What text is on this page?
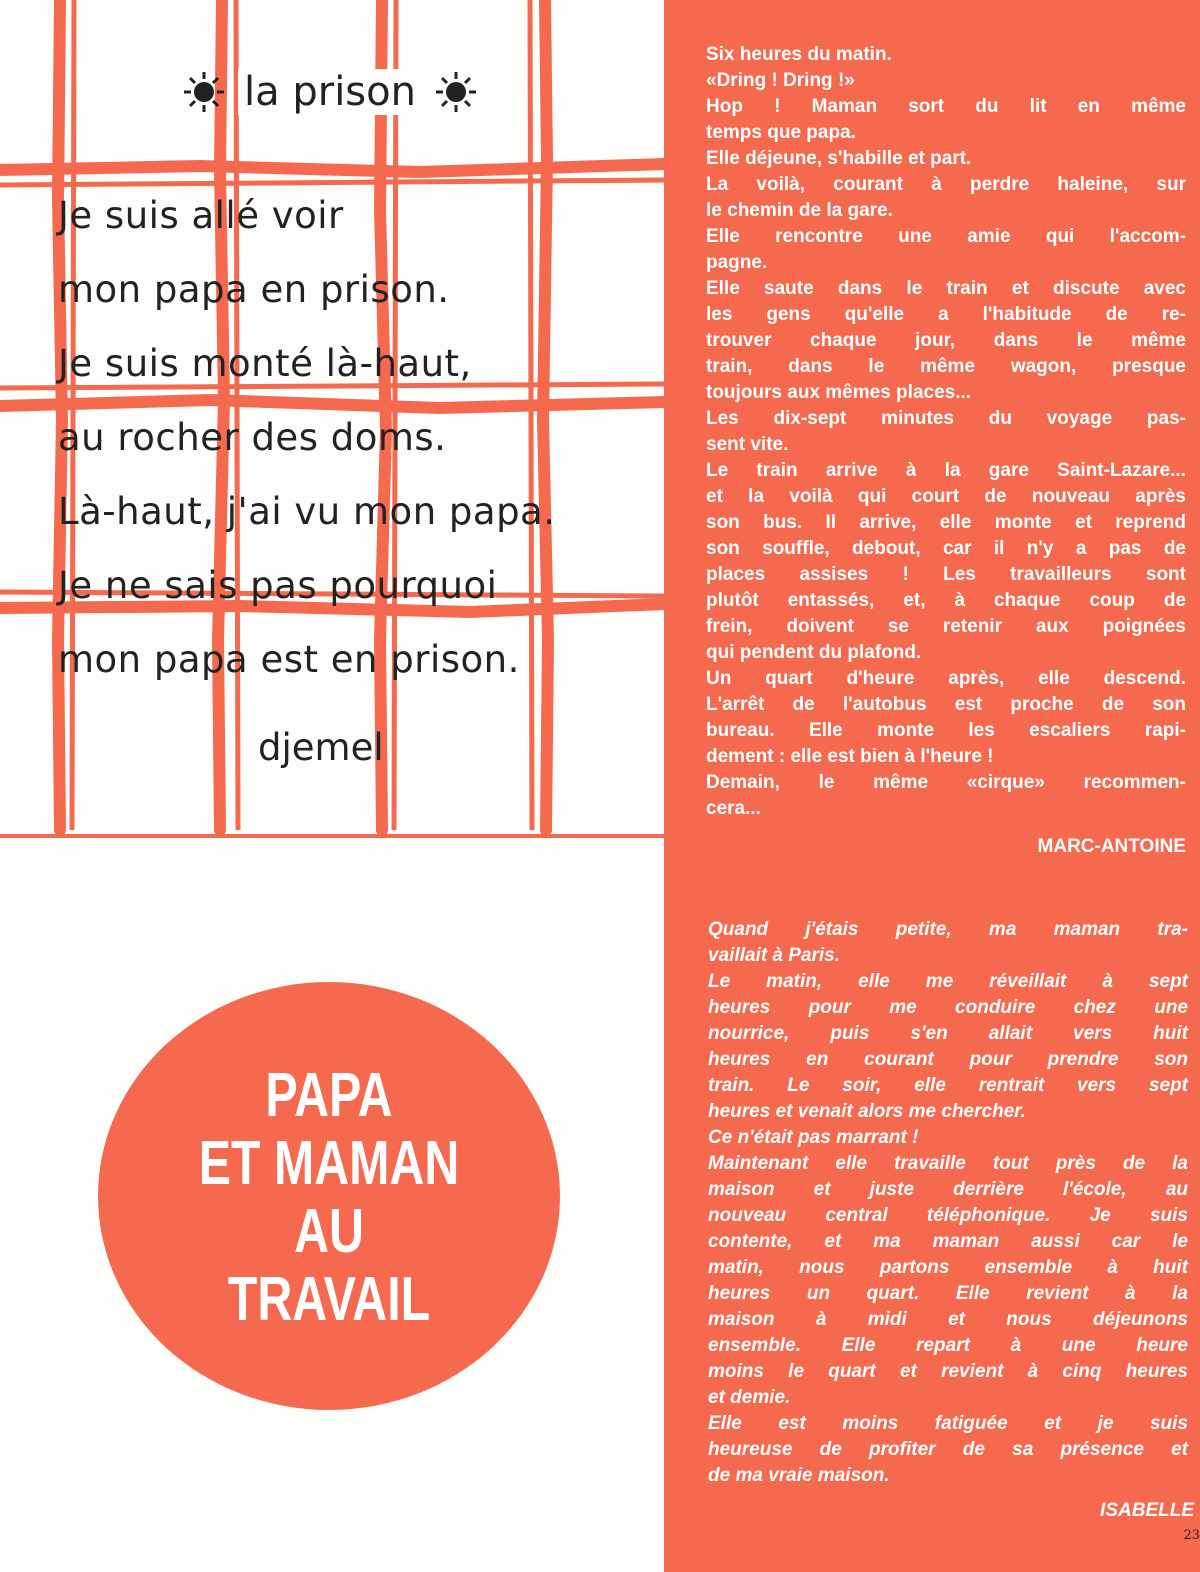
la prison
Je suis allé voir
mon papa en prison.
Je suis monté là-haut,
au rocher des doms.
Là-haut, j'ai vu mon papa.
Je ne sais pas pourquoi
mon papa est en prison.
djemel
PAPA
ET MAMAN
AU
TRAVAIL
Six heures du matin.
«Dring ! Dring !»
Hop ! Maman sort du lit en même
temps que papa.
Elle déjeune, s'habille et part.
La voilà, courant à perdre haleine, sur
le chemin de la gare.
Elle rencontre une amie qui l'accom-
pagne.
Elle saute dans le train et discute avec
les gens qu'elle a l'habitude de re-
trouver chaque jour, dans le même
train, dans le même wagon, presque
toujours aux mêmes places...
Les dix-sept minutes du voyage pas-
sent vite.
Le train arrive à la gare Saint-Lazare...
et la voilà qui court de nouveau après
son bus. Il arrive, elle monte et reprend
son souffle, debout, car il n'y a pas de
places assises ! Les travailleurs sont
plutôt entassés, et, à chaque coup de
frein, doivent se retenir aux poignées
qui pendent du plafond.
Un quart d'heure après, elle descend.
L'arrêt de l'autobus est proche de son
bureau. Elle monte les escaliers rapi-
dement : elle est bien à l'heure !
Demain, le même «cirque» recommen-
cera...
MARC-ANTOINE
Quand j'étais petite, ma maman tra-
vaillait à Paris.
Le matin, elle me réveillait à sept
heures pour me conduire chez une
nourrice, puis s'en allait vers huit
heures en courant pour prendre son
train. Le soir, elle rentrait vers sept
heures et venait alors me chercher.
Ce n'était pas marrant !
Maintenant elle travaille tout près de la
maison et juste derrière l'école, au
nouveau central téléphonique. Je suis
contente, et ma maman aussi car le
matin, nous partons ensemble à huit
heures un quart. Elle revient à la
maison à midi et nous déjeunons
ensemble. Elle repart à une heure
moins le quart et revient à cinq heures
et demie.
Elle est moins fatiguée et je suis
heureuse de profiter de sa présence et
de ma vraie maison.
ISABELLE
23
